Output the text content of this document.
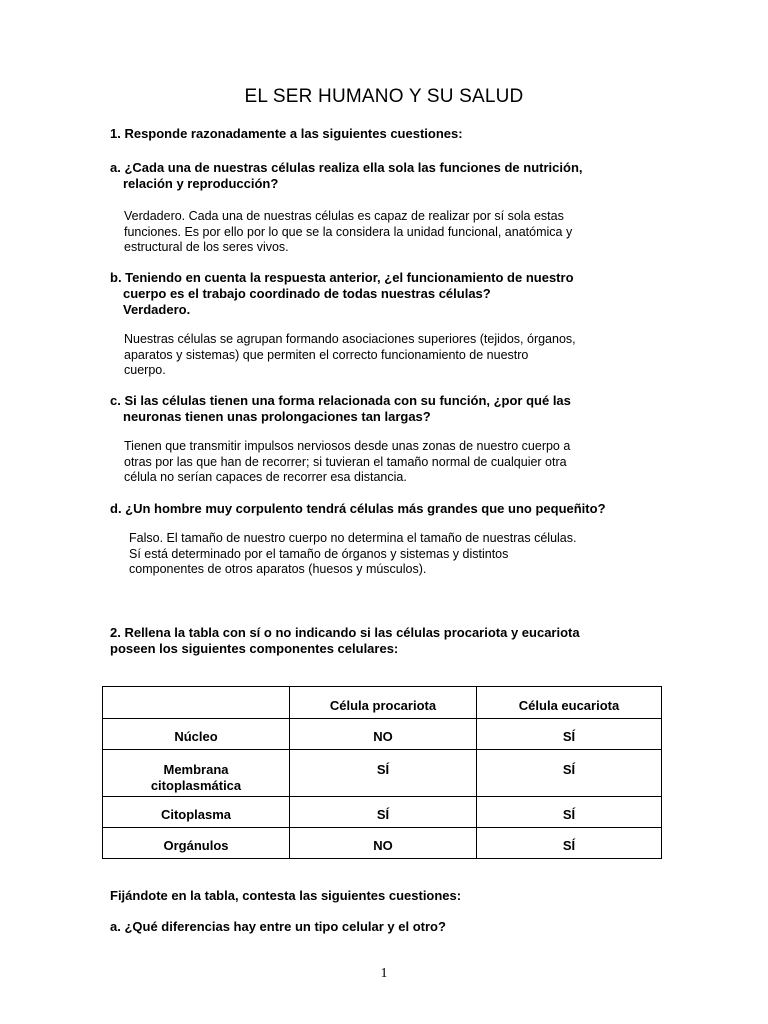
EL SER HUMANO Y SU SALUD
1. Responde razonadamente a las siguientes cuestiones:
a. ¿Cada una de nuestras células realiza ella sola las funciones de nutrición,
relación y reproducción?
Verdadero. Cada una de nuestras células es capaz de realizar por sí sola estas
funciones. Es por ello por lo que se la considera la unidad funcional, anatómica y
estructural de los seres vivos.
b. Teniendo en cuenta la respuesta anterior, ¿el funcionamiento de nuestro
cuerpo es el trabajo coordinado de todas nuestras células?
Verdadero.
Nuestras células se agrupan formando asociaciones superiores (tejidos, órganos,
aparatos y sistemas) que permiten el correcto funcionamiento de nuestro
cuerpo.
c. Si las células tienen una forma relacionada con su función, ¿por qué las
neuronas tienen unas prolongaciones tan largas?
Tienen que transmitir impulsos nerviosos desde unas zonas de nuestro cuerpo a
otras por las que han de recorrer; si tuvieran el tamaño normal de cualquier otra
célula no serían capaces de recorrer esa distancia.
d. ¿Un hombre muy corpulento tendrá células más grandes que uno pequeñito?
Falso. El tamaño de nuestro cuerpo no determina el tamaño de nuestras células.
Sí está determinado por el tamaño de órganos y sistemas y distintos
componentes de otros aparatos (huesos y músculos).
2. Rellena la tabla con sí o no indicando si las células procariota y eucariota
poseen los siguientes componentes celulares:
	Célula procariota	Célula eucariota
Núcleo	NO	SÍ

Membrana
citoplasmática	SÍ	SÍ
Citoplasma	SÍ	SÍ
Orgánulos	NO	SÍ
Fijándote en la tabla, contesta las siguientes cuestiones:
a. ¿Qué diferencias hay entre un tipo celular y el otro?
1
